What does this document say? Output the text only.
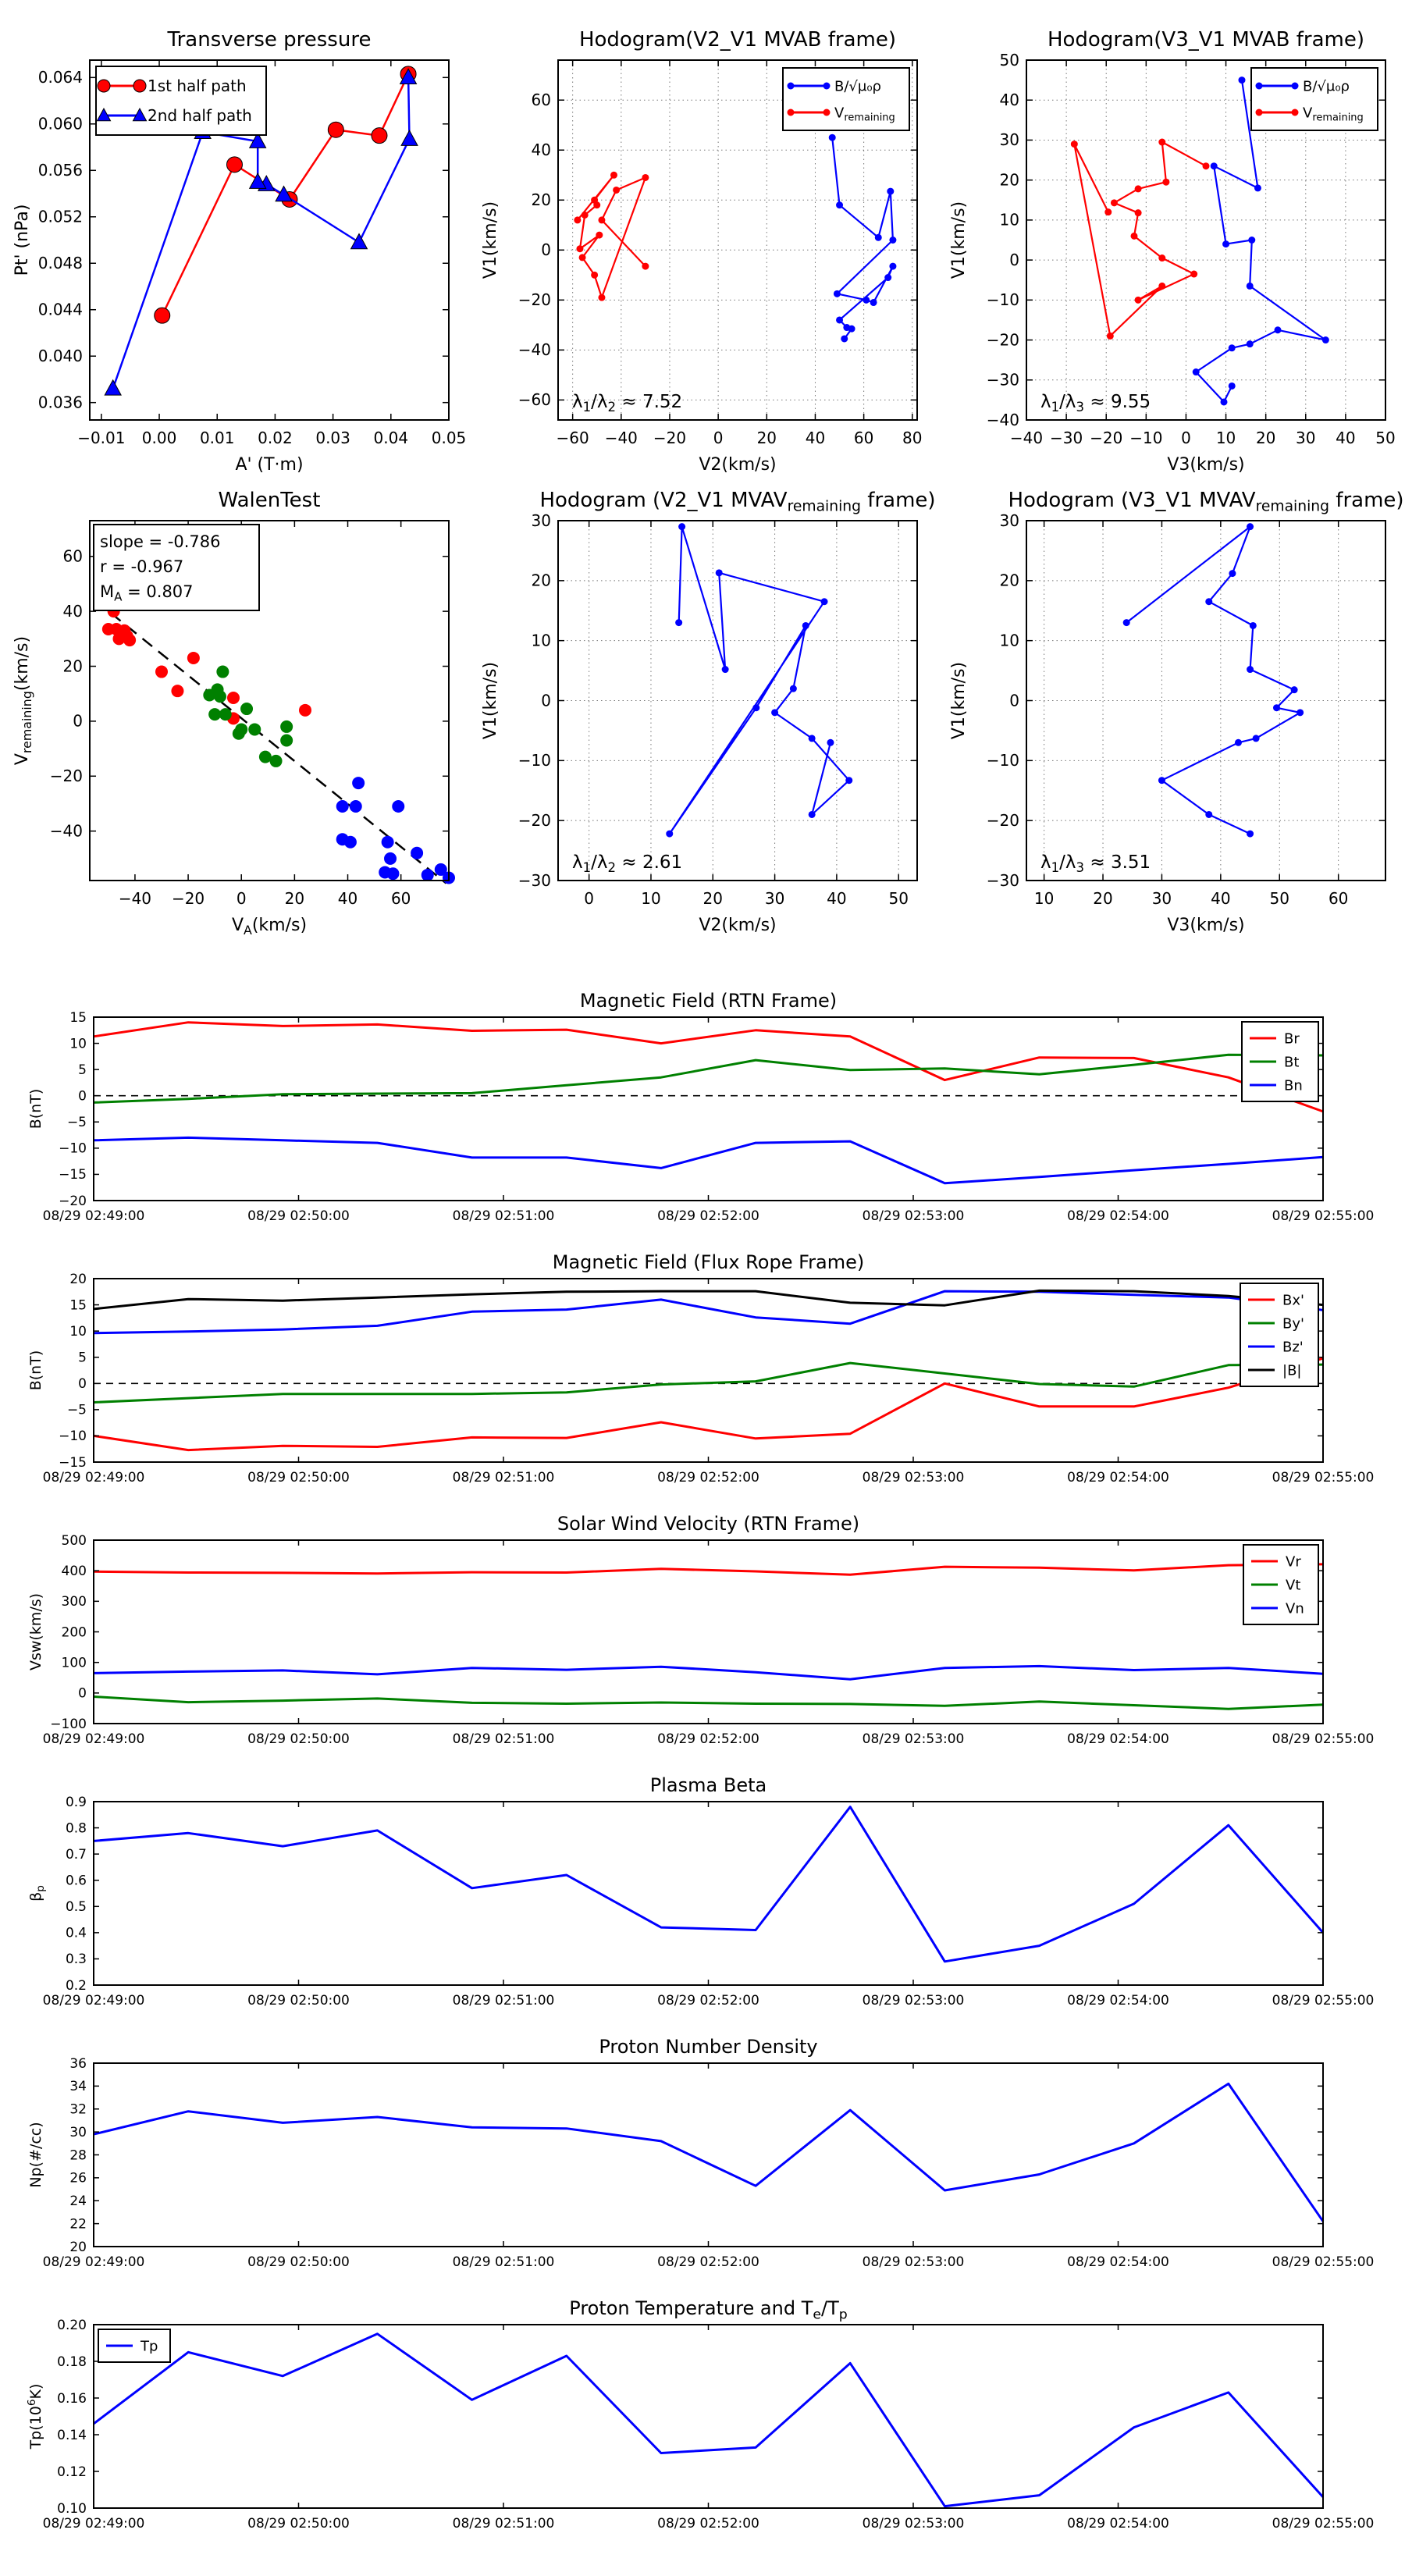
−0.01 0.00 0.01 0.02 0.03 0.04 0.05
0.036
0.040
0.044
0.048
0.052
0.056
0.060
0.064
Transverse pressure
A' (T·m)
Pt' (nPa)
1st half path
2nd half path
−60 −40 −20 0 20 40 60 80
−60
−40
−20
0
20
40
60
Hodogram(V2_V1 MVAB frame)
V2(km/s)
V1(km/s)
B/√μ₀ρ
$V_{remaining}$
$\lambda_1/\lambda_2 \approx 7.52$
−40 −30 −20 −10 0 10 20 30 40 50
−40
−30
−20
−10
0
10
20
30
40
50
Hodogram(V3_V1 MVAB frame)
V3(km/s)
V1(km/s)
B/√μ₀ρ
$V_{remaining}$
$\lambda_1/\lambda_3 \approx 9.55$
−40 −20 0 20 40 60
−40
−20
0
20
40
60
WalenTest
$V_A(km/s)$
$V_{remaining}(km/s)$
slope = -0.786
r = -0.967
$M_A = 0.807$
0	10	20	30	40	50
−30
−20
−10
0
10
20
30
Hodogram (V2_V1 $MVAV_{remaining}$ frame)
V2(km/s)
V1(km/s)
$\lambda_1/\lambda_2 \approx 2.61$
10 20 30 40 50 60
−30
−20
−10
0
10
20
30
Hodogram (V3_V1 $MVAV_{remaining}$ frame)
V3(km/s)
V1(km/s)
$\lambda_1/\lambda_3 \approx 3.51$
08/29 02:49:00	08/29 02:50:00	08/29 02:51:00	08/29 02:52:00	08/29 02:53:00	08/29 02:54:00	08/29 02:55:00
−20
−15
−10
−5
0
5
10
15
Magnetic Field (RTN Frame)
B(nT)
Br
Bt
Bn
08/29 02:49:00	08/29 02:50:00	08/29 02:51:00	08/29 02:52:00	08/29 02:53:00	08/29 02:54:00	08/29 02:55:00
−15
−10
−5
0
5
10
15
20
Magnetic Field (Flux Rope Frame)
B(nT)
Bx'
By'
Bz'
|B|
08/29 02:49:00	08/29 02:50:00	08/29 02:51:00	08/29 02:52:00	08/29 02:53:00	08/29 02:54:00	08/29 02:55:00
−100
0
100
200
300
400
500
Solar Wind Velocity (RTN Frame)
Vsw(km/s)
Vr
Vt
Vn
08/29 02:49:00	08/29 02:50:00	08/29 02:51:00	08/29 02:52:00	08/29 02:53:00	08/29 02:54:00	08/29 02:55:00
0.2
0.3
0.4
0.5
0.6
0.7
0.8
0.9
Plasma Beta
$\beta_p$
08/29 02:49:00	08/29 02:50:00	08/29 02:51:00	08/29 02:52:00	08/29 02:53:00	08/29 02:54:00	08/29 02:55:00
20
22
24
26
28
30
32
34
36
Proton Number Density
Np(#/cc)
08/29 02:49:00	08/29 02:50:00	08/29 02:51:00	08/29 02:52:00	08/29 02:53:00	08/29 02:54:00	08/29 02:55:00
0.10
0.12
0.14
0.16
0.18
0.20
Proton Temperature and $T_e/T_p$
$Tp(10^6K)$
Tp
